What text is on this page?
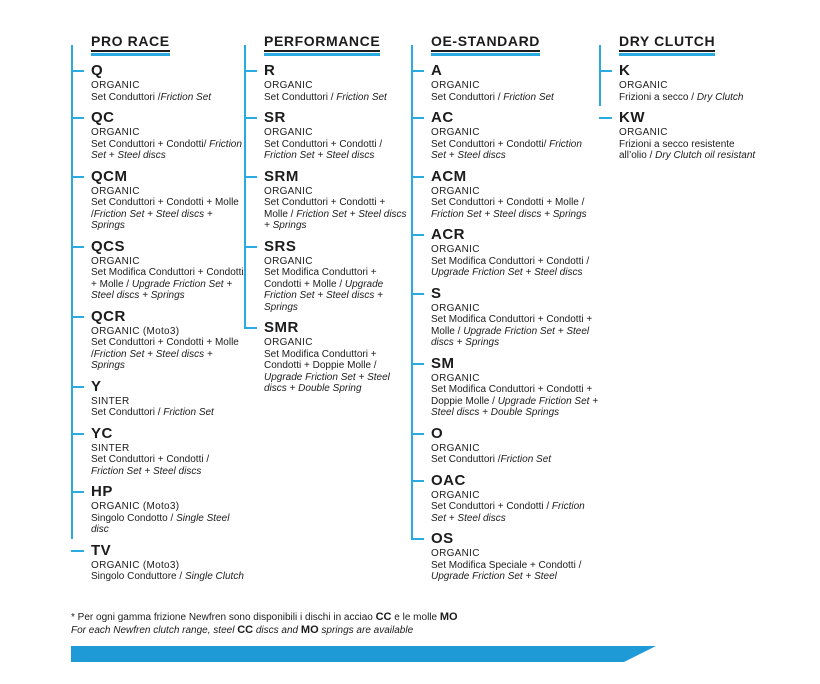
PRO RACE
Q
ORGANIC
Set Conduttori /Friction Set
QC
ORGANIC
Set Conduttori + Condotti/ Friction Set + Steel discs
QCM
ORGANIC
Set Conduttori + Condotti + Molle /Friction Set + Steel discs + Springs
QCS
ORGANIC
Set Modifica Conduttori + Condotti + Molle / Upgrade Friction Set + Steel discs + Springs
QCR
ORGANIC (Moto3)
Set Conduttori + Condotti + Molle /Friction Set + Steel discs + Springs
Y
SINTER
Set Conduttori / Friction Set
YC
SINTER
Set Conduttori + Condotti / Friction Set + Steel discs
HP
ORGANIC (Moto3)
Singolo Condotto / Single Steel disc
TV
ORGANIC (Moto3)
Singolo Conduttore / Single Clutch
PERFORMANCE
R
ORGANIC
Set Conduttori / Friction Set
SR
ORGANIC
Set Conduttori + Condotti / Friction Set + Steel discs
SRM
ORGANIC
Set Conduttori + Condotti + Molle / Friction Set + Steel discs + Springs
SRS
ORGANIC
Set Modifica Conduttori + Condotti + Molle / Upgrade Friction Set + Steel discs + Springs
SMR
ORGANIC
Set Modifica Conduttori + Condotti + Doppie Molle / Upgrade Friction Set + Steel discs + Double Spring
OE-STANDARD
A
ORGANIC
Set Conduttori / Friction Set
AC
ORGANIC
Set Conduttori + Condotti/ Friction Set + Steel discs
ACM
ORGANIC
Set Conduttori + Condotti + Molle / Friction Set + Steel discs + Springs
ACR
ORGANIC
Set Modifica Conduttori + Condotti / Upgrade Friction Set + Steel discs
S
ORGANIC
Set Modifica Conduttori + Condotti + Molle / Upgrade Friction Set + Steel discs + Springs
SM
ORGANIC
Set Modifica Conduttori + Condotti + Doppie Molle / Upgrade Friction Set + Steel discs + Double Springs
O
ORGANIC
Set Conduttori /Friction Set
OAC
ORGANIC
Set Conduttori + Condotti / Friction Set + Steel discs
OS
ORGANIC
Set Modifica Speciale + Condotti / Upgrade Friction Set + Steel
DRY CLUTCH
K
ORGANIC
Frizioni a secco / Dry Clutch
KW
ORGANIC
Frizioni a secco resistente all’olio / Dry Clutch oil resistant

* Per ogni gamma frizione Newfren sono disponibili i dischi in acciao CC e le molle MO

For each Newfren clutch range, steel CC discs and MO springs are available
